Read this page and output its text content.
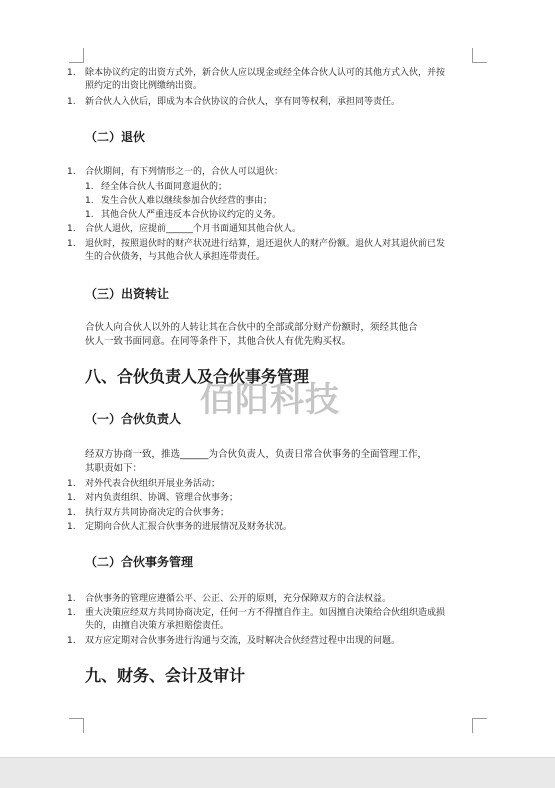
1. 除本协议约定的出资方式外，新合伙人应以现金或经全体合伙人认可的其他方式入伙，并按
照约定的出资比例缴纳出资。
1. 新合伙人入伙后，即成为本合伙协议的合伙人，享有同等权利，承担同等责任。
（二）退伙
1. 合伙期间，有下列情形之一的，合伙人可以退伙：
1. 经全体合伙人书面同意退伙的；
1. 发生合伙人难以继续参加合伙经营的事由；
1. 其他合伙人严重违反本合伙协议约定的义务。
1. 合伙人退伙，应提前______个月书面通知其他合伙人。
1. 退伙时，按照退伙时的财产状况进行结算，退还退伙人的财产份额。退伙人对其退伙前已发
生的合伙债务，与其他合伙人承担连带责任。
（三）出资转让
合伙人向合伙人以外的人转让其在合伙中的全部或部分财产份额时，须经其他合
伙人一致书面同意。在同等条件下，其他合伙人有优先购买权。
八、合伙负责人及合伙事务管理
佰阳科技
（一）合伙负责人
经双方协商一致，推选______为合伙负责人，负责日常合伙事务的全面管理工作，
其职责如下：
1. 对外代表合伙组织开展业务活动；
1. 对内负责组织、协调、管理合伙事务；
1. 执行双方共同协商决定的合伙事务；
1. 定期向合伙人汇报合伙事务的进展情况及财务状况。
（二）合伙事务管理
1. 合伙事务的管理应遵循公平、公正、公开的原则，充分保障双方的合法权益。
1. 重大决策应经双方共同协商决定，任何一方不得擅自作主。如因擅自决策给合伙组织造成损
失的，由擅自决策方承担赔偿责任。
1. 双方应定期对合伙事务进行沟通与交流，及时解决合伙经营过程中出现的问题。
九、财务、会计及审计
